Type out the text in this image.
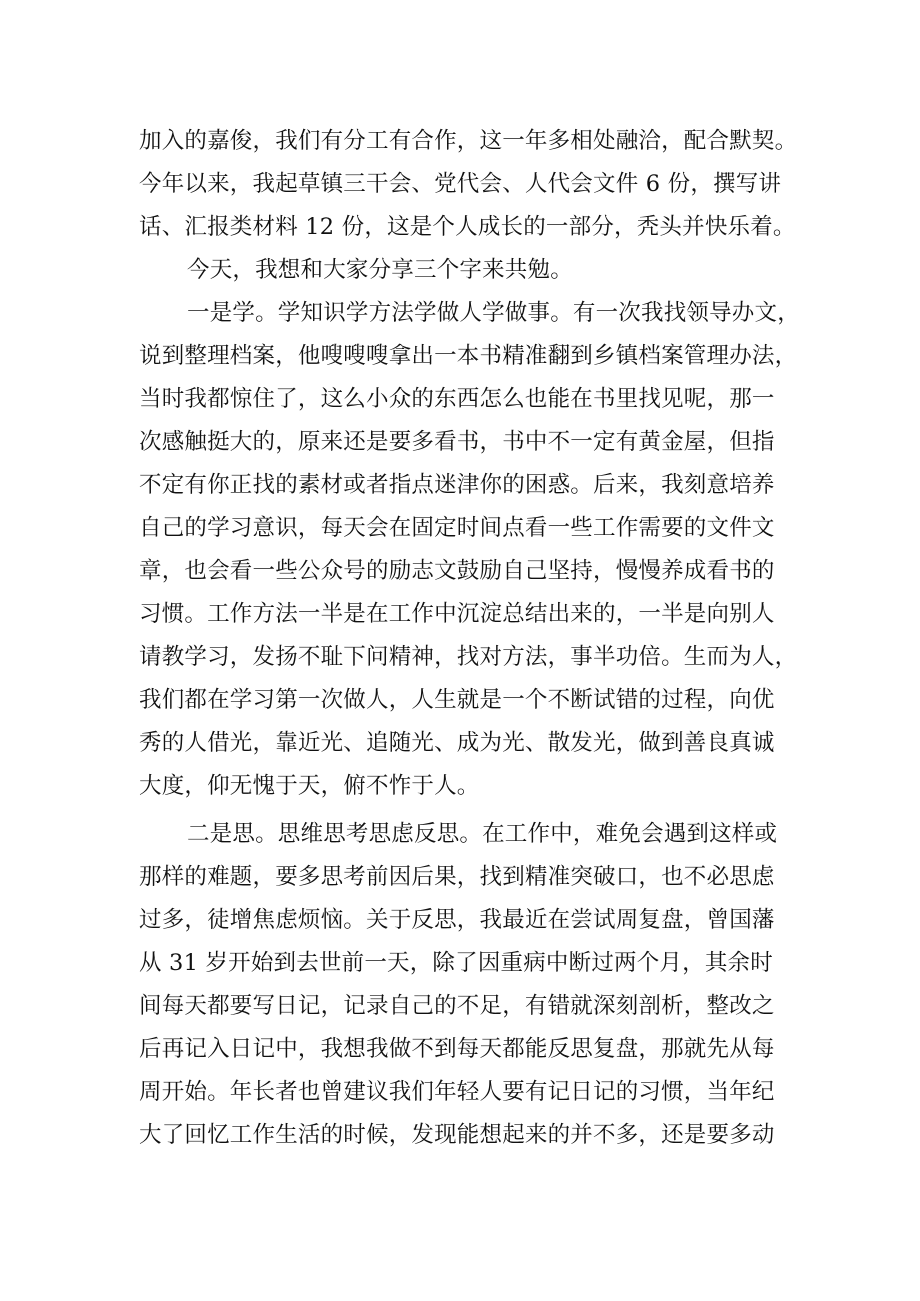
加入的嘉俊，我们有分工有合作，这一年多相处融洽，配合默契。
今年以来，我起草镇三干会、党代会、人代会文件 6 份，撰写讲
话、汇报类材料 12 份，这是个人成长的一部分，秃头并快乐着。
今天，我想和大家分享三个字来共勉。
一是学。学知识学方法学做人学做事。有一次我找领导办文，
说到整理档案，他嗖嗖嗖拿出一本书精准翻到乡镇档案管理办法，
当时我都惊住了，这么小众的东西怎么也能在书里找见呢，那一
次感触挺大的，原来还是要多看书，书中不一定有黄金屋，但指
不定有你正找的素材或者指点迷津你的困惑。后来，我刻意培养
自己的学习意识，每天会在固定时间点看一些工作需要的文件文
章，也会看一些公众号的励志文鼓励自己坚持，慢慢养成看书的
习惯。工作方法一半是在工作中沉淀总结出来的，一半是向别人
请教学习，发扬不耻下问精神，找对方法，事半功倍。生而为人，
我们都在学习第一次做人，人生就是一个不断试错的过程，向优
秀的人借光，靠近光、追随光、成为光、散发光，做到善良真诚
大度，仰无愧于天，俯不怍于人。
二是思。思维思考思虑反思。在工作中，难免会遇到这样或
那样的难题，要多思考前因后果，找到精准突破口，也不必思虑
过多，徒增焦虑烦恼。关于反思，我最近在尝试周复盘，曾国藩
从 31 岁开始到去世前一天，除了因重病中断过两个月，其余时
间每天都要写日记，记录自己的不足，有错就深刻剖析，整改之
后再记入日记中，我想我做不到每天都能反思复盘，那就先从每
周开始。年长者也曾建议我们年轻人要有记日记的习惯，当年纪
大了回忆工作生活的时候，发现能想起来的并不多，还是要多动
